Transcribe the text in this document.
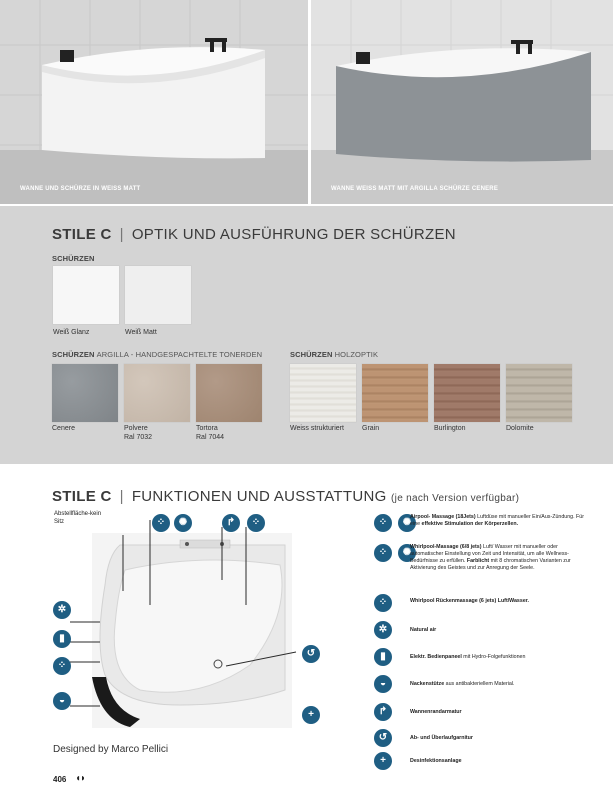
WANNE UND SCHÜRZE IN WEISS MATT	WANNE WEISS MATT MIT ARGILLA SCHÜRZE CENERE
STILE C | OPTIK UND AUSFÜHRUNG DER SCHÜRZEN
SCHÜRZEN
Weiß Glanz	Weiß Matt
SCHÜRZEN ARGILLA - HANDGESPACHTELTE TONERDEN
Cenere	Polvere
Ral 7032
Tortora
Ral 7044
SCHÜRZEN HOLZOPTIK
Weiss strukturiert	Grain	Burlington	Dolomite
STILE C | FUNKTIONEN UND AUSSTATTUNG (je nach Version verfügbar)
Abstellfläche-kein Sitz	⁘	✺	↱	⁘
✲
▮
⁘
◒
↺
+
⁘	✺
Airpool- Massage (18Jets) Luftdüse mit manueller Ein/Aus-Zündung. Für eine effektive Stimulation der Körperzellen.
⁘	✺
Whirlpool-Massage (6/8 jets) Luft/ Wasser mit manueller oder automatischer Einstellung von Zeit und Intensität, um alle Wellness-Bedürfnisse zu erfüllen. Farblicht mit 8 chromatischen Varianten zur Aktivierung des Geistes und zur Anregung der Seele.
⁘	Whirlpool Rückenmassage (6 jets) Luft/Wasser.
✲	Natural air
▮	Elektr. Bedienpaneel mit Hydro-Folgefunktionen
◒	Nackenstütze aus antibakteriellem Material.
↱	Wannenrandarmatur
↺	Ab- und Überlaufgarnitur
+	Desinfektionsanlage
Designed by Marco Pellici
406 ◖◗
